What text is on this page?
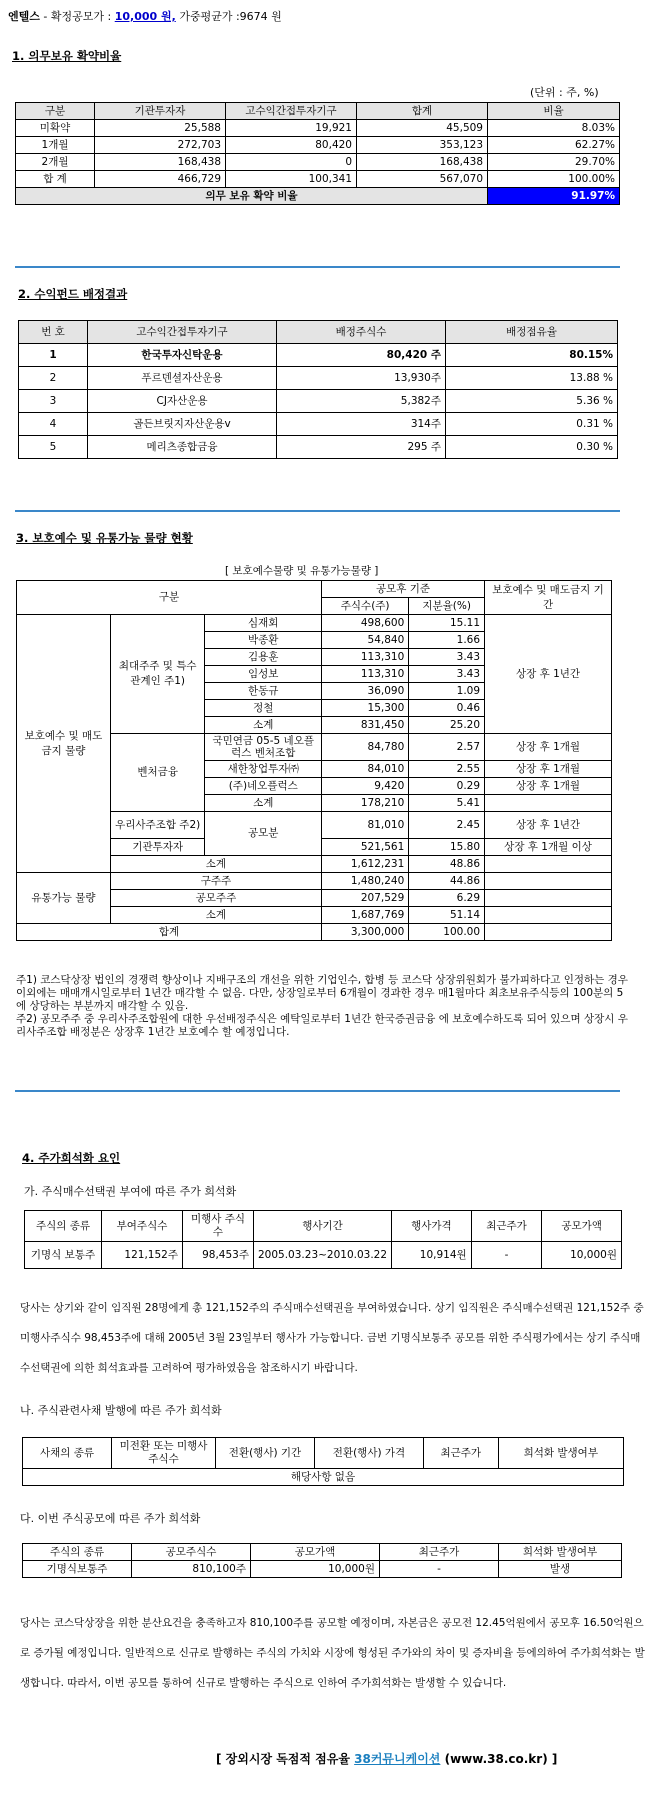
엔텔스 - 확정공모가 : 10,000 원, 가중평균가 :9674 원
1. 의무보유 확약비율
(단위 : 주, %)
구분	기관투자자	고수익간접투자기구	합계	비율
미확약	25,588	19,921	45,509	8.03%
1개월	272,703	80,420	353,123	62.27%
2개월	168,438	0	168,438	29.70%
합 계	466,729	100,341	567,070	100.00%
의무 보유 확약 비율				91.97%
2. 수익펀드 배정결과
번 호	고수익간접투자기구	배정주식수	배정점유율
1	한국투자신탁운용	80,420 주	80.15%
2	푸르덴셜자산운용	13,930주	13.88 %
3	CJ자산운용	5,382주	5.36 %
4	골든브릿지자산운용v	314주	0.31 %
5	메리츠종합금융	295 주	0.30 %
3. 보호예수 및 유통가능 물량 현황
[ 보호예수물량 및 유통가능물량 ]
구분			공모후 기준		보호예수 및 매도금지 기간
			주식수(주)	지분율(%)	
보호예수 및 매도금지 물량	최대주주 및 특수관계인 주1)	심재회	498,600	15.11	상장 후 1년간
		박종환	54,840	1.66	
		김용훈	113,310	3.43	
		임성보	113,310	3.43	
		한동규	36,090	1.09	
		정철	15,300	0.46	
		소계	831,450	25.20	
	벤처금융	국민연금 05-5 네오플럭스 벤처조합	84,780	2.57	상장 후 1개월
		새한창업투자㈜	84,010	2.55	상장 후 1개월
		(주)네오플럭스	9,420	0.29	상장 후 1개월
		소계	178,210	5.41	
	우리사주조합 주2)	공모분	81,010	2.45	상장 후 1년간
	기관투자자		521,561	15.80	상장 후 1개월 이상
	소계		1,612,231	48.86	
유통가능 물량	구주주		1,480,240	44.86	
	공모주주		207,529	6.29	
	소계		1,687,769	51.14	
합계			3,300,000	100.00	
주1) 코스닥상장 법인의 경쟁력 향상이나 지배구조의 개선을 위한 기업인수, 합병 등 코스닥 상장위원회가 불가피하다고 인정하는 경우 이외에는 매매개시일로부터 1년간 매각할 수 없음. 다만, 상장일로부터 6개월이 경과한 경우 매1월마다 최초보유주식등의 100분의 5 에 상당하는 부분까지 매각할 수 있음.
주2) 공모주주 중 우리사주조합원에 대한 우선배정주식은 예탁일로부터 1년간 한국증권금융 에 보호예수하도록 되어 있으며 상장시 우리사주조합 배정분은 상장후 1년간 보호예수 할 예정입니다.
4. 주가희석화 요인
가. 주식매수선택권 부여에 따른 주가 희석화
주식의 종류	부여주식수	미행사 주식수	행사기간	행사가격	최근주가	공모가액
기명식 보통주	121,152주	98,453주	2005.03.23~2010.03.22	10,914원	-	10,000원
당사는 상기와 같이 임직원 28명에게 총 121,152주의 주식매수선택권을 부여하였습니다. 상기 임직원은 주식매수선택권 121,152주 중 미행사주식수 98,453주에 대해 2005년 3월 23일부터 행사가 가능합니다. 금번 기명식보통주 공모를 위한 주식평가에서는 상기 주식매수선택권에 의한 희석효과를 고려하여 평가하였음을 참조하시기 바랍니다.
나. 주식관련사채 발행에 따른 주가 희석화
사채의 종류	미전환 또는 미행사 주식수	전환(행사) 기간	전환(행사) 가격	최근주가	희석화 발생여부
해당사항 없음
다. 이번 주식공모에 따른 주가 희석화
주식의 종류	공모주식수	공모가액	최근주가	희석화 발생여부
기명식보통주	810,100주	10,000원	-	발생
당사는 코스닥상장을 위한 분산요건을 충족하고자 810,100주를 공모할 예정이며, 자본금은 공모전 12.45억원에서 공모후 16.50억원으로 증가될 예정입니다. 일반적으로 신규로 발행하는 주식의 가치와 시장에 형성된 주가와의 차이 및 증자비율 등에의하여 주가희석화는 발생합니다. 따라서, 이번 공모를 통하여 신규로 발행하는 주식으로 인하여 주가희석화는 발생할 수 있습니다.
[ 장외시장 독점적 점유율 38커뮤니케이션 (www.38.co.kr) ]
